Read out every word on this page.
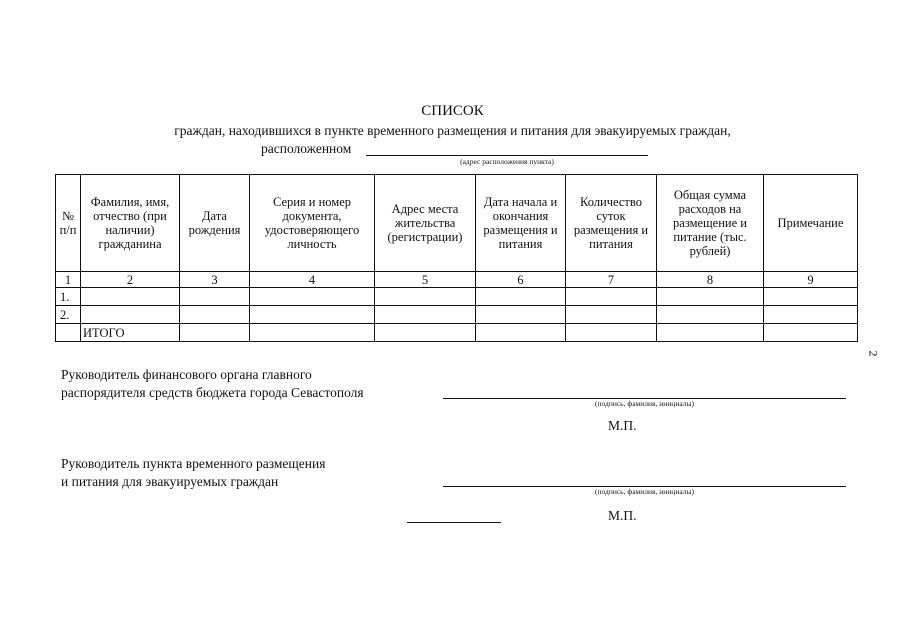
СПИСОК
граждан, находившихся в пункте временного размещения и питания для эвакуируемых граждан,
расположенном
(адрес расположения пункта)
№ п/п	Фамилия, имя, отчество (при наличии) гражданина	Дата рождения	Серия и номер документа, удостоверяющего личность	Адрес места жительства (регистрации)	Дата начала и окончания размещения и питания	Количество суток размещения и питания	Общая сумма расходов на размещение и питание (тыс. рублей)	Примечание
1	2	3	4	5	6	7	8	9
1.								
2.								
	ИТОГО							
Руководитель финансового органа главного
распорядителя средств бюджета города Севастополя
(подпись, фамилия, инициалы)
М.П.
Руководитель пункта временного размещения
и питания для эвакуируемых граждан
(подпись, фамилия, инициалы)
М.П.
2
